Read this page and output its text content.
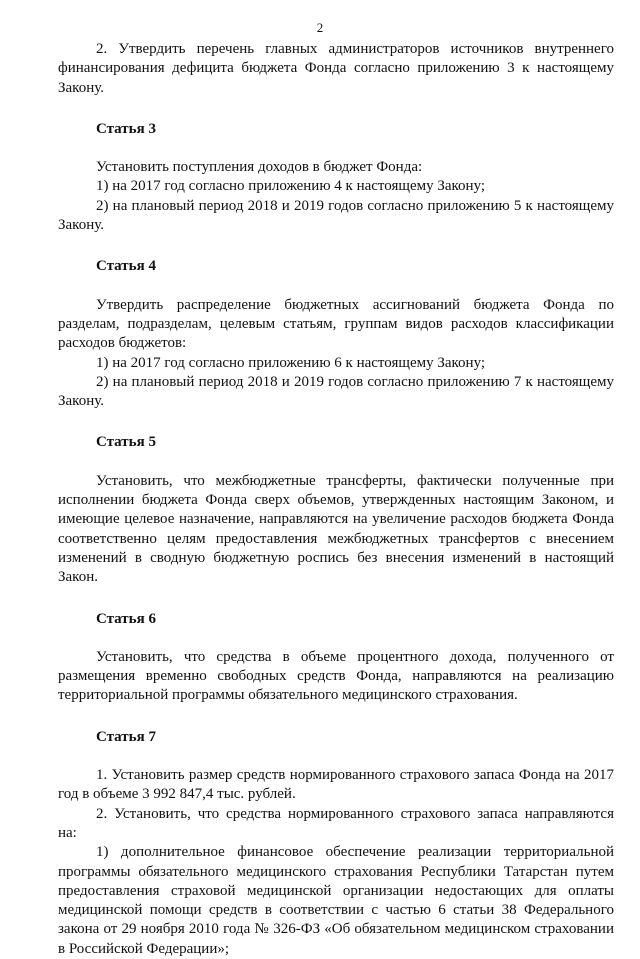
2

2. Утвердить перечень главных администраторов источников внутреннего финансирования дефицита бюджета Фонда согласно приложению 3 к настоящему Закону.

Статья 3

Установить поступления доходов в бюджет Фонда:

1) на 2017 год согласно приложению 4 к настоящему Закону;

2) на плановый период 2018 и 2019 годов согласно приложению 5 к настоящему Закону.

Статья 4

Утвердить распределение бюджетных ассигнований бюджета Фонда по разделам, подразделам, целевым статьям, группам видов расходов классификации расходов бюджетов:

1) на 2017 год согласно приложению 6 к настоящему Закону;

2) на плановый период 2018 и 2019 годов согласно приложению 7 к настоящему Закону.

Статья 5

Установить, что межбюджетные трансферты, фактически полученные при исполнении бюджета Фонда сверх объемов, утвержденных настоящим Законом, и имеющие целевое назначение, направляются на увеличение расходов бюджета Фонда соответственно целям предоставления межбюджетных трансфертов с внесением изменений в сводную бюджетную роспись без внесения изменений в настоящий Закон.

Статья 6

Установить, что средства в объеме процентного дохода, полученного от размещения временно свободных средств Фонда, направляются на реализацию территориальной программы обязательного медицинского страхования.

Статья 7

1. Установить размер средств нормированного страхового запаса Фонда на 2017 год в объеме 3 992 847,4 тыс. рублей.

2. Установить, что средства нормированного страхового запаса направляются на:

1) дополнительное финансовое обеспечение реализации территориальной программы обязательного медицинского страхования Республики Татарстан путем предоставления страховой медицинской организации недостающих для оплаты медицинской помощи средств в соответствии с частью 6 статьи 38 Федерального закона от 29 ноября 2010 года № 326-ФЗ «Об обязательном медицинском страховании в Российской Федерации»;
